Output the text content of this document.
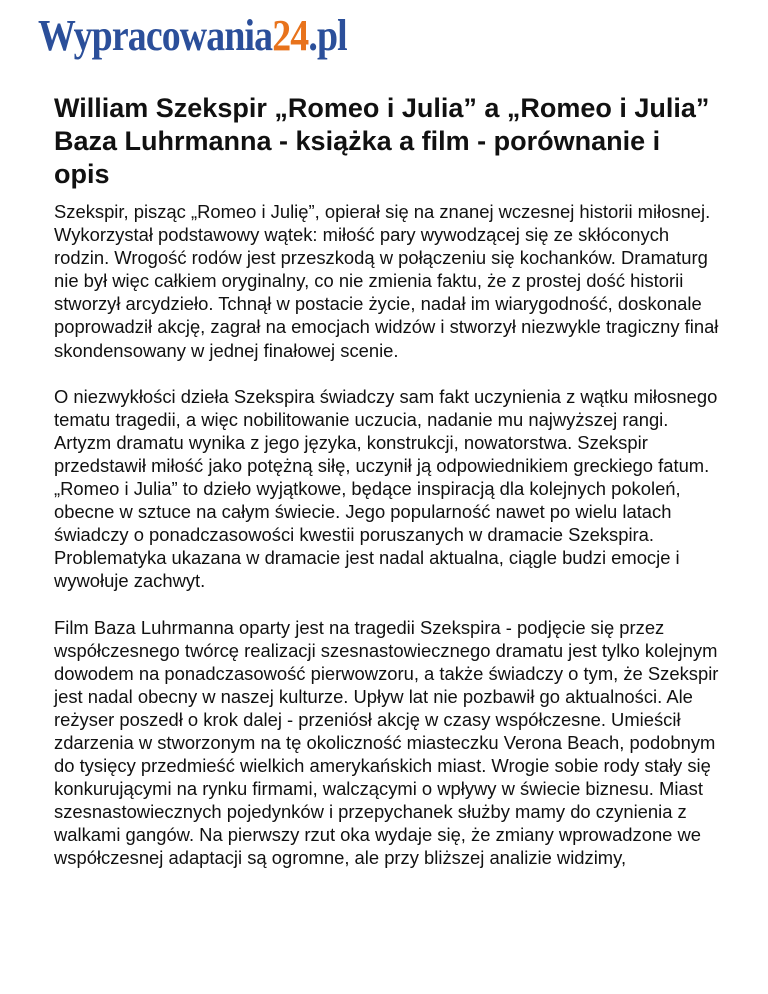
Wypracowania24.pl
William Szekspir „Romeo i Julia” a „Romeo i Julia” Baza Luhrmanna - książka a film - porównanie i opis

Szekspir, pisząc „Romeo i Julię”, opierał się na znanej wczesnej historii miłosnej. Wykorzystał podstawowy wątek: miłość pary wywodzącej się ze skłóconych rodzin. Wrogość rodów jest przeszkodą w połączeniu się kochanków. Dramaturg nie był więc całkiem oryginalny, co nie zmienia faktu, że z prostej dość historii stworzył arcydzieło. Tchnął w postacie życie, nadał im wiarygodność, doskonale poprowadził akcję, zagrał na emocjach widzów i stworzył niezwykle tragiczny finał skondensowany w jednej finałowej scenie.

O niezwykłości dzieła Szekspira świadczy sam fakt uczynienia z wątku miłosnego tematu tragedii, a więc nobilitowanie uczucia, nadanie mu najwyższej rangi. Artyzm dramatu wynika z jego języka, konstrukcji, nowatorstwa. Szekspir przedstawił miłość jako potężną siłę, uczynił ją odpowiednikiem greckiego fatum. „Romeo i Julia” to dzieło wyjątkowe, będące inspiracją dla kolejnych pokoleń, obecne w sztuce na całym świecie. Jego popularność nawet po wielu latach świadczy o ponadczasowości kwestii poruszanych w dramacie Szekspira. Problematyka ukazana w dramacie jest nadal aktualna, ciągle budzi emocje i wywołuje zachwyt.

Film Baza Luhrmanna oparty jest na tragedii Szekspira - podjęcie się przez współczesnego twórcę realizacji szesnastowiecznego dramatu jest tylko kolejnym dowodem na ponadczasowość pierwowzoru, a także świadczy o tym, że Szekspir jest nadal obecny w naszej kulturze. Upływ lat nie pozbawił go aktualności. Ale reżyser poszedł o krok dalej - przeniósł akcję w czasy współczesne. Umieścił zdarzenia w stworzonym na tę okoliczność miasteczku Verona Beach, podobnym do tysięcy przedmieść wielkich amerykańskich miast. Wrogie sobie rody stały się konkurującymi na rynku firmami, walczącymi o wpływy w świecie biznesu. Miast szesnastowiecznych pojedynków i przepychanek służby mamy do czynienia z walkami gangów. Na pierwszy rzut oka wydaje się, że zmiany wprowadzone we współczesnej adaptacji są ogromne, ale przy bliższej analizie widzimy,
